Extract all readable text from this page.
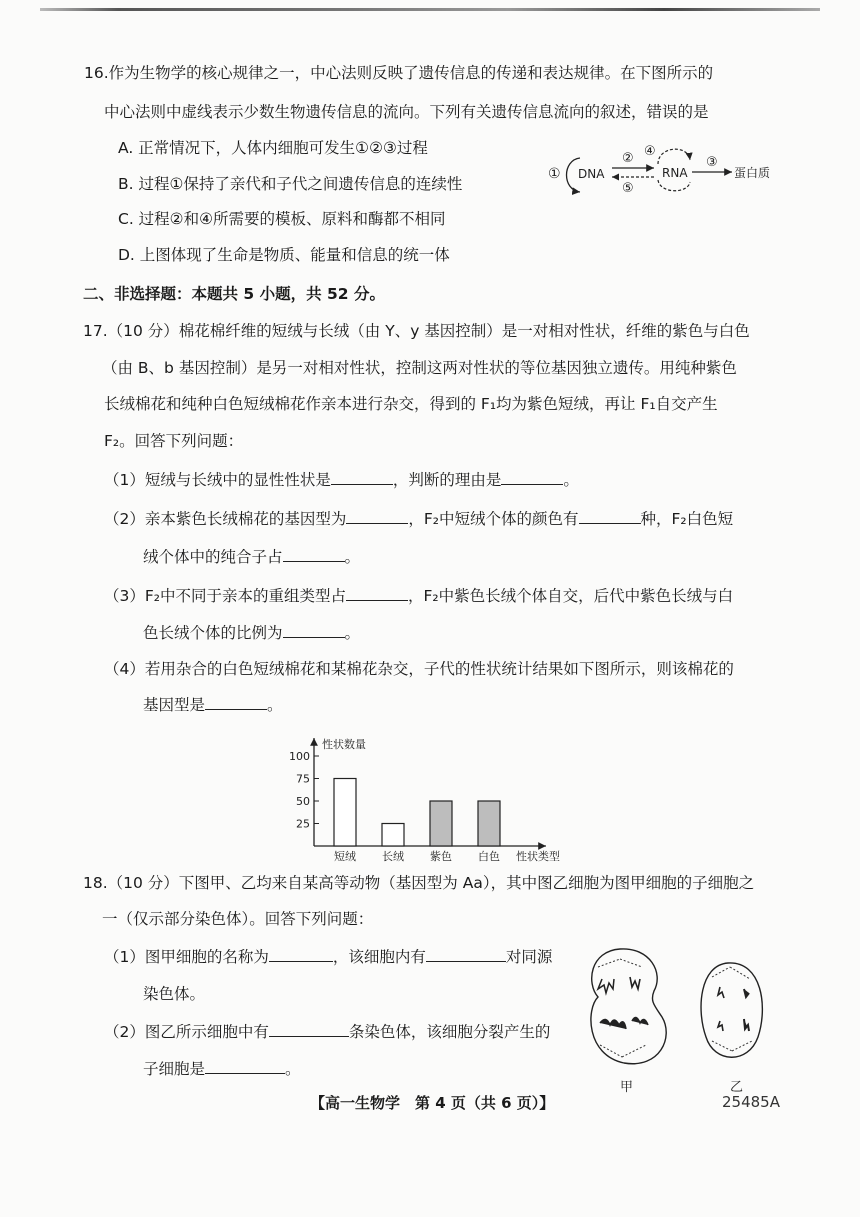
16.作为生物学的核心规律之一，中心法则反映了遗传信息的传递和表达规律。在下图所示的
中心法则中虚线表示少数生物遗传信息的流向。下列有关遗传信息流向的叙述，错误的是
A. 正常情况下，人体内细胞可发生①②③过程
B. 过程①保持了亲代和子代之间遗传信息的连续性
C. 过程②和④所需要的模板、原料和酶都不相同
D. 上图体现了生命是物质、能量和信息的统一体
① DNA
②
⑤
④
RNA
③
蛋白质
二、非选择题：本题共 5 小题，共 52 分。
17.（10 分）棉花棉纤维的短绒与长绒（由 Y、y 基因控制）是一对相对性状，纤维的紫色与白色
（由 B、b 基因控制）是另一对相对性状，控制这两对性状的等位基因独立遗传。用纯种紫色
长绒棉花和纯种白色短绒棉花作亲本进行杂交，得到的 F₁均为紫色短绒，再让 F₁自交产生
F₂。回答下列问题：
（1）短绒与长绒中的显性性状是	，判断的理由是	。
（2）亲本紫色长绒棉花的基因型为	，F₂中短绒个体的颜色有	种，F₂白色短
绒个体中的纯合子占	。
（3）F₂中不同于亲本的重组类型占	，F₂中紫色长绒个体自交，后代中紫色长绒与白
色长绒个体的比例为	。
（4）若用杂合的白色短绒棉花和某棉花杂交，子代的性状统计结果如下图所示，则该棉花的
基因型是	。
性状数量
性状类型
25
50
75
100
短绒 长绒 紫色 白色
18.（10 分）下图甲、乙均来自某高等动物（基因型为 Aa），其中图乙细胞为图甲细胞的子细胞之
一（仅示部分染色体）。回答下列问题：
（1）图甲细胞的名称为	，该细胞内有	对同源
染色体。
（2）图乙所示细胞中有	条染色体，该细胞分裂产生的
子细胞是	。
甲	乙
【高一生物学　第 4 页（共 6 页）】	25485A
